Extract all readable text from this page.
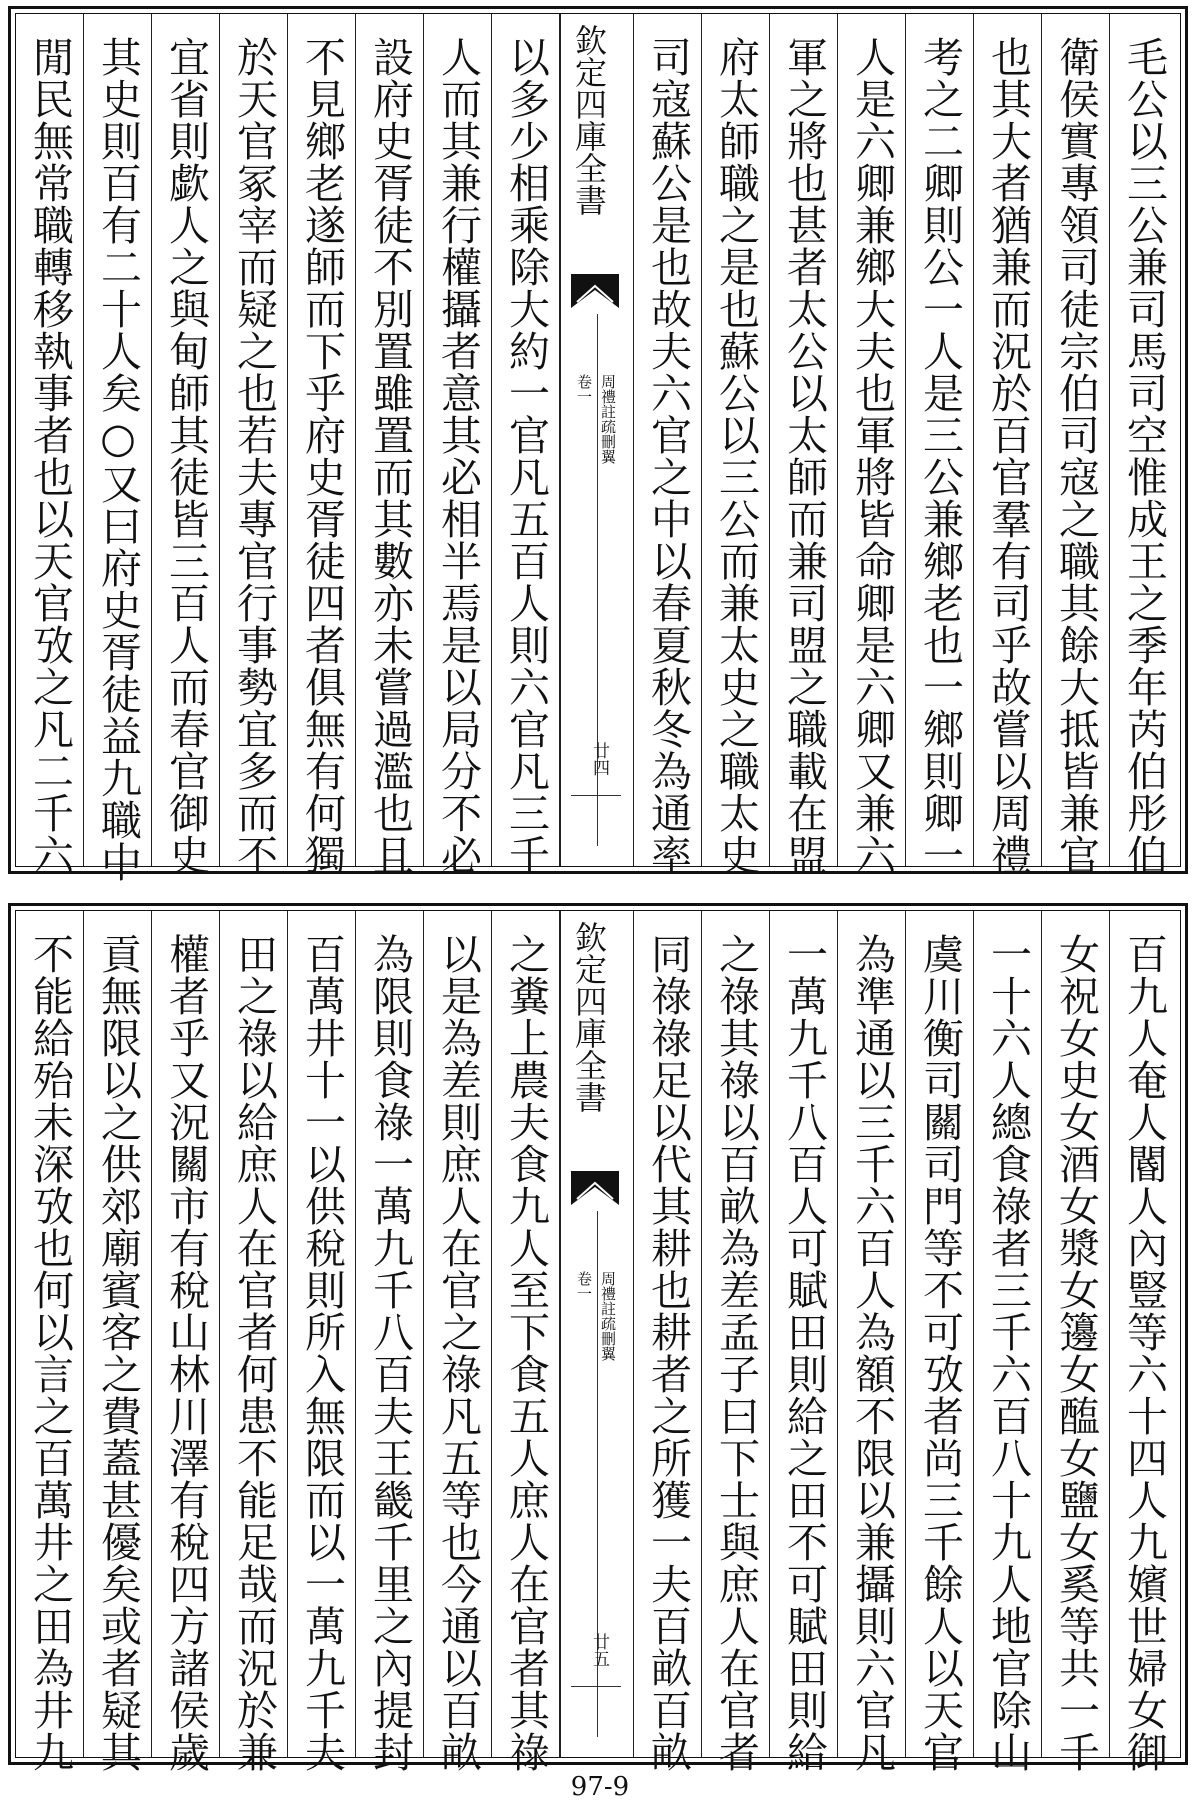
閒民無常職轉移執事者也以天官攷之凡二千六 其史則百有二十人矣○又曰府史胥徒益九職中 宜省則歔人之與甸師其徒皆三百人而春官御史 於天官冢宰而疑之也若夫專官行事勢宜多而不 不見鄉老遂師而下乎府史胥徒四者俱無有何獨 設府史胥徒不別置雖置而其數亦未嘗過濫也且 人而其兼行權攝者意其必相半焉是以局分不必 以多少相乘除大約一官凡五百人則六官凡三千 欽定四庫全書
周禮註疏刪翼
卷一
廿四 司寇蘇公是也故夫六官之中以春夏秋冬為通率 府太師職之是也蘇公以三公而兼太史之職太史 軍之將也甚者太公以太師而兼司盟之職載在盟 人是六卿兼鄉大夫也軍將皆命卿是六卿又兼六 考之二卿則公一人是三公兼鄉老也一鄉則卿一 也其大者猶兼而況於百官羣有司乎故嘗以周禮 衛侯實專領司徒宗伯司寇之職其餘大抵皆兼官 毛公以三公兼司馬司空惟成王之季年芮伯彤伯
不能給殆未深攷也何以言之百萬井之田為井九 貢無限以之供郊廟賓客之費蓋甚優矣或者疑其 權者乎又況關市有稅山林川澤有稅四方諸侯歲 田之祿以給庶人在官者何患不能足哉而況於兼 百萬井十一以供稅則所入無限而以一萬九千夫 為限則食祿一萬九千八百夫王畿千里之內提封 以是為差則庶人在官之祿凡五等也今通以百畝 之糞上農夫食九人至下食五人庶人在官者其祿 欽定四庫全書
周禮註疏刪翼
卷一
廿五 同祿祿足以代其耕也耕者之所獲一夫百畝百畝 之祿其祿以百畝為差孟子曰下士與庶人在官者 一萬九千八百人可賦田則給之田不可賦田則給 為準通以三千六百人為額不限以兼攝則六官凡 虞川衡司關司門等不可攷者尚三千餘人以天官 一十六人總食祿者三千六百八十九人地官除山 女祝女史女酒女漿女籩女醢女鹽女奚等共一千 百九人奄人閽人內豎等六十四人九嬪世婦女御
97-9
